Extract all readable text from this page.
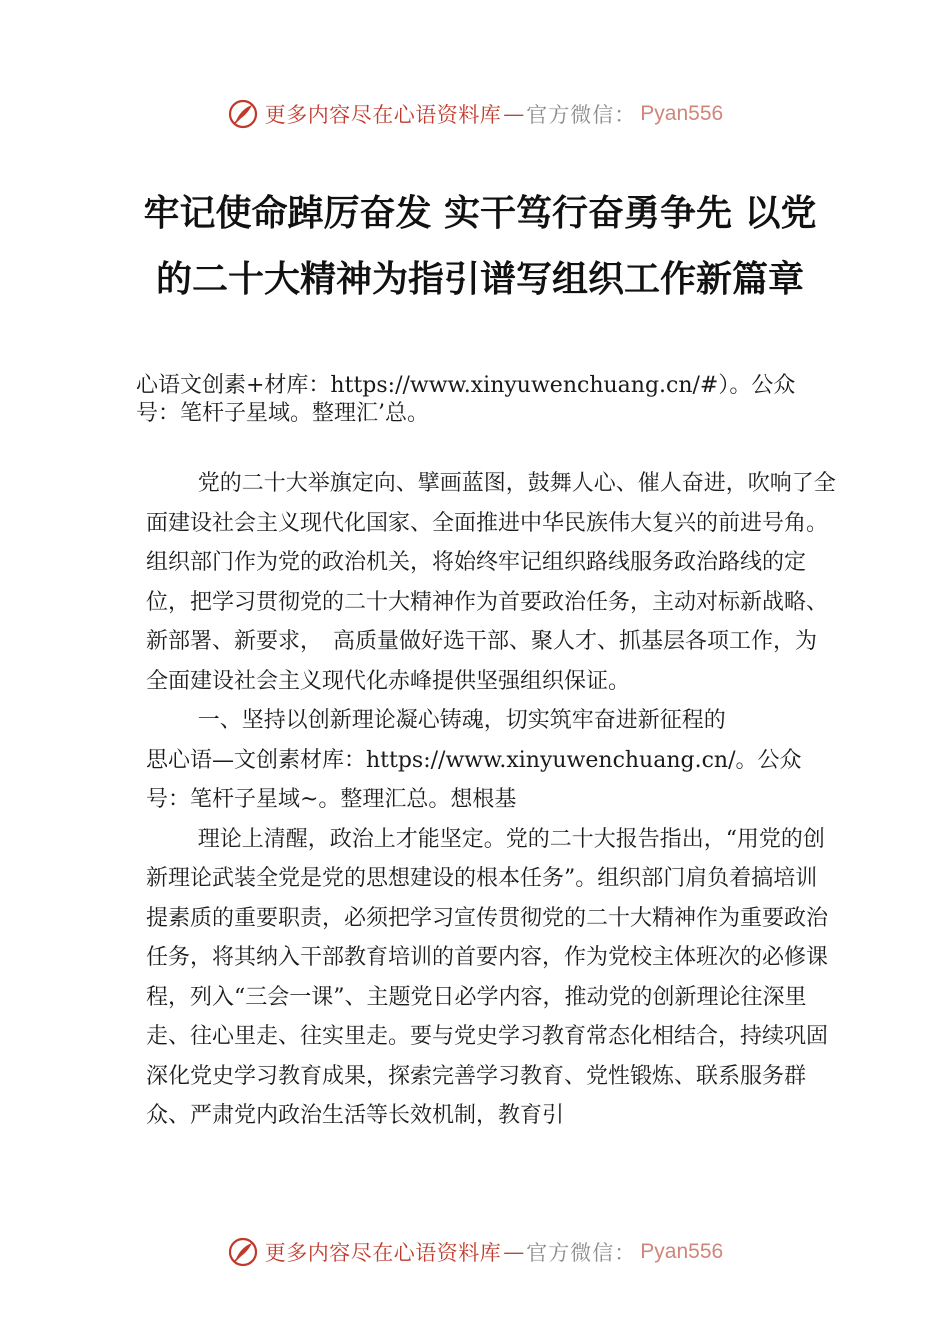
更多内容尽在心语资料库 — 官方微信： Pyan556
牢记使命踔厉奋发 实干笃行奋勇争先 以党的二十大精神为指引谱写组织工作新篇章

心语文创素+材库：https://www.xinyuwenchuang.cn/#）。公众号：笔杆子星域。整理汇’总。

党的二十大举旗定向、擘画蓝图，鼓舞人心、催人奋进，吹响了全面建设社会主义现代化国家、全面推进中华民族伟大复兴的前进号角。组织部门作为党的政治机关，将始终牢记组织路线服务政治路线的定位，把学习贯彻党的二十大精神作为首要政治任务，主动对标新战略、新部署、新要求，　高质量做好选干部、聚人才、抓基层各项工作，为全面建设社会主义现代化赤峰提供坚强组织保证。

一、坚持以创新理论凝心铸魂，切实筑牢奋进新征程的

思心语—文创素材库：https://www.xinyuwenchuang.cn/。公众号：笔杆子星域~。整理汇总。想根基

理论上清醒，政治上才能坚定。党的二十大报告指出，“用党的创新理论武装全党是党的思想建设的根本任务”。组织部门肩负着搞培训提素质的重要职责，必须把学习宣传贯彻党的二十大精神作为重要政治任务，将其纳入干部教育培训的首要内容，作为党校主体班次的必修课程，列入“三会一课”、主题党日必学内容，推动党的创新理论往深里走、往心里走、往实里走。要与党史学习教育常态化相结合，持续巩固深化党史学习教育成果，探索完善学习教育、党性锻炼、联系服务群众、严肃党内政治生活等长效机制，教育引

更多内容尽在心语资料库 — 官方微信： Pyan556
